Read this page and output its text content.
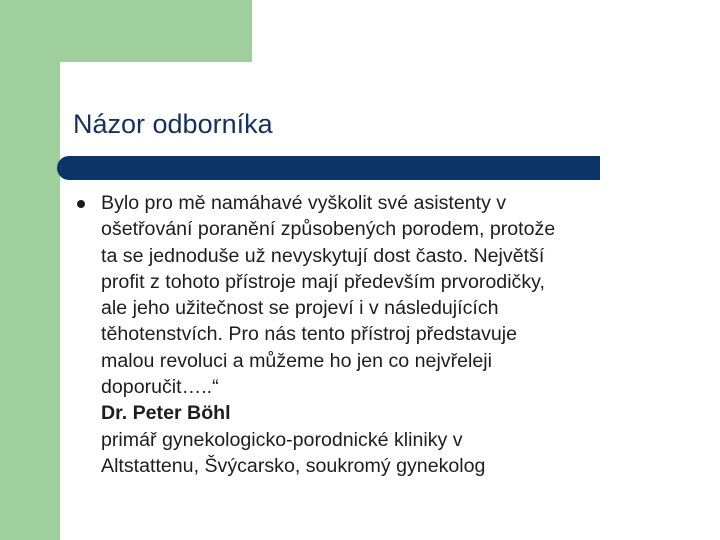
Názor odborníka
Bylo pro mě namáhavé vyškolit své asistenty v
ošetřování poranění způsobených porodem, protože
ta se jednoduše už nevyskytují dost často. Největší
profit z tohoto přístroje mají především prvorodičky,
ale jeho užitečnost se projeví i v následujících
těhotenstvích. Pro nás tento přístroj představuje
malou revoluci a můžeme ho jen co nejvřeleji
doporučit…..“
Dr. Peter Böhl
primář gynekologicko-porodnické kliniky v
Altstattenu, Švýcarsko, soukromý gynekolog
